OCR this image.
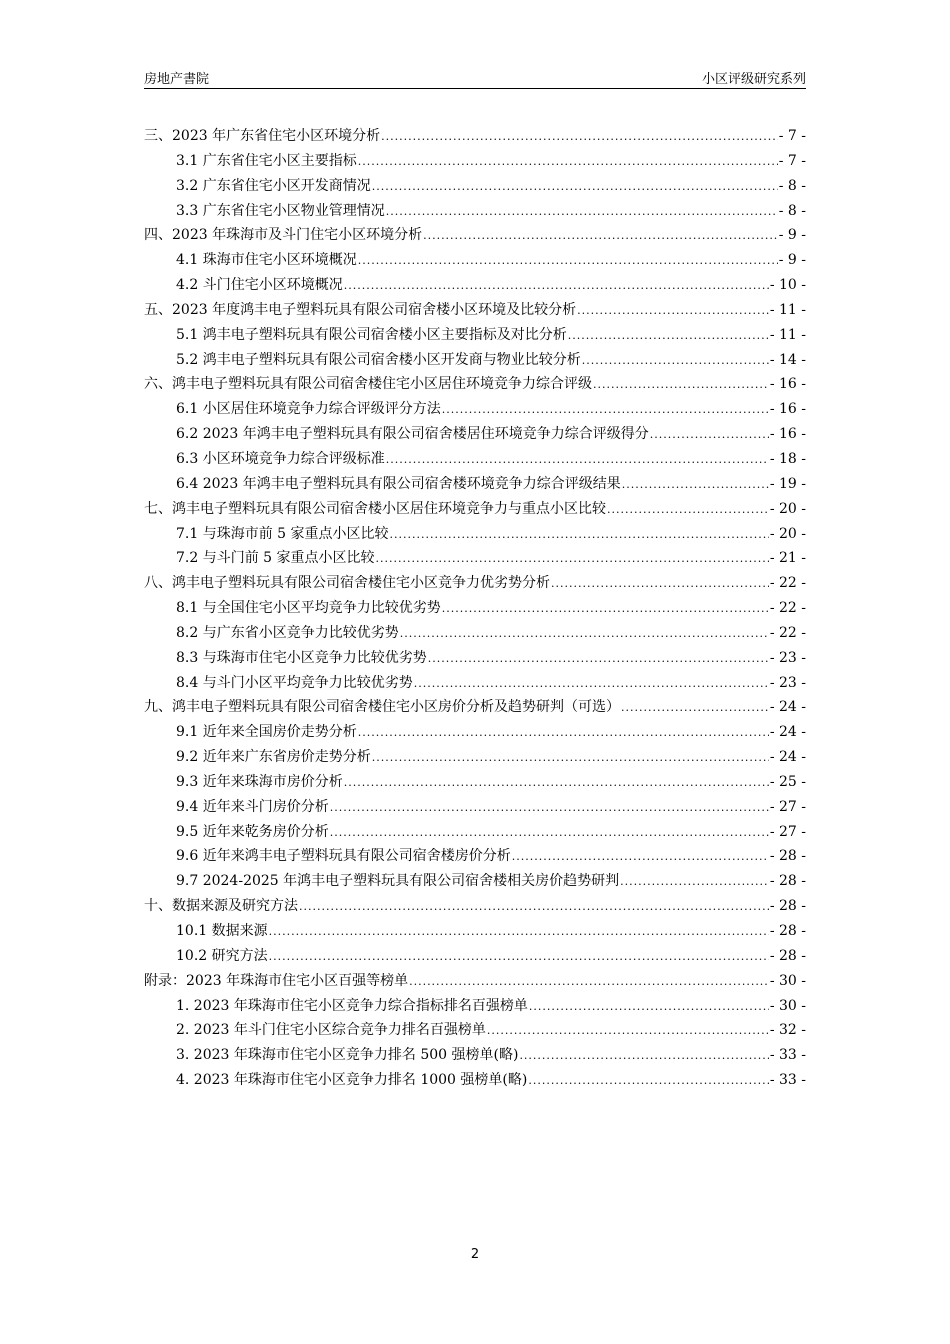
房地产書院	小区评级研究系列
三、2023 年广东省住宅小区环境分析 .....	- 7 -
3.1 广东省住宅小区主要指标 .....	- 7 -
3.2 广东省住宅小区开发商情况 .....	- 8 -
3.3 广东省住宅小区物业管理情况 .....	- 8 -
四、2023 年珠海市及斗门住宅小区环境分析 .....	- 9 -
4.1 珠海市住宅小区环境概况 .....	- 9 -
4.2 斗门住宅小区环境概况 .....	- 10 -
五、2023 年度鸿丰电子塑料玩具有限公司宿舍楼小区环境及比较分析 .....	- 11 -
5.1 鸿丰电子塑料玩具有限公司宿舍楼小区主要指标及对比分析 .....	- 11 -
5.2 鸿丰电子塑料玩具有限公司宿舍楼小区开发商与物业比较分析 .....	- 14 -
六、鸿丰电子塑料玩具有限公司宿舍楼住宅小区居住环境竞争力综合评级 .....	- 16 -
6.1 小区居住环境竞争力综合评级评分方法 .....	- 16 -
6.2 2023 年鸿丰电子塑料玩具有限公司宿舍楼居住环境竞争力综合评级得分 .....	- 16 -
6.3 小区环境竞争力综合评级标准 .....	- 18 -
6.4 2023 年鸿丰电子塑料玩具有限公司宿舍楼环境竞争力综合评级结果 .....	- 19 -
七、鸿丰电子塑料玩具有限公司宿舍楼小区居住环境竞争力与重点小区比较 .....	- 20 -
7.1 与珠海市前 5 家重点小区比较 .....	- 20 -
7.2 与斗门前 5 家重点小区比较 .....	- 21 -
八、鸿丰电子塑料玩具有限公司宿舍楼住宅小区竞争力优劣势分析 .....	- 22 -
8.1 与全国住宅小区平均竞争力比较优劣势 .....	- 22 -
8.2 与广东省小区竞争力比较优劣势 .....	- 22 -
8.3 与珠海市住宅小区竞争力比较优劣势 .....	- 23 -
8.4 与斗门小区平均竞争力比较优劣势 .....	- 23 -
九、鸿丰电子塑料玩具有限公司宿舍楼住宅小区房价分析及趋势研判（可选） .....	- 24 -
9.1 近年来全国房价走势分析 .....	- 24 -
9.2 近年来广东省房价走势分析 .....	- 24 -
9.3 近年来珠海市房价分析 .....	- 25 -
9.4 近年来斗门房价分析 .....	- 27 -
9.5 近年来乾务房价分析 .....	- 27 -
9.6 近年来鸿丰电子塑料玩具有限公司宿舍楼房价分析 .....	- 28 -
9.7 2024-2025 年鸿丰电子塑料玩具有限公司宿舍楼相关房价趋势研判 .....	- 28 -
十、数据来源及研究方法 .....	- 28 -
10.1 数据来源 .....	- 28 -
10.2 研究方法 .....	- 28 -
附录：2023 年珠海市住宅小区百强等榜单 .....	- 30 -
1. 2023 年珠海市住宅小区竞争力综合指标排名百强榜单 .....	- 30 -
2. 2023 年斗门住宅小区综合竞争力排名百强榜单 .....	- 32 -
3. 2023 年珠海市住宅小区竞争力排名 500 强榜单(略) .....	- 33 -
4. 2023 年珠海市住宅小区竞争力排名 1000 强榜单(略) .....	- 33 -
2
